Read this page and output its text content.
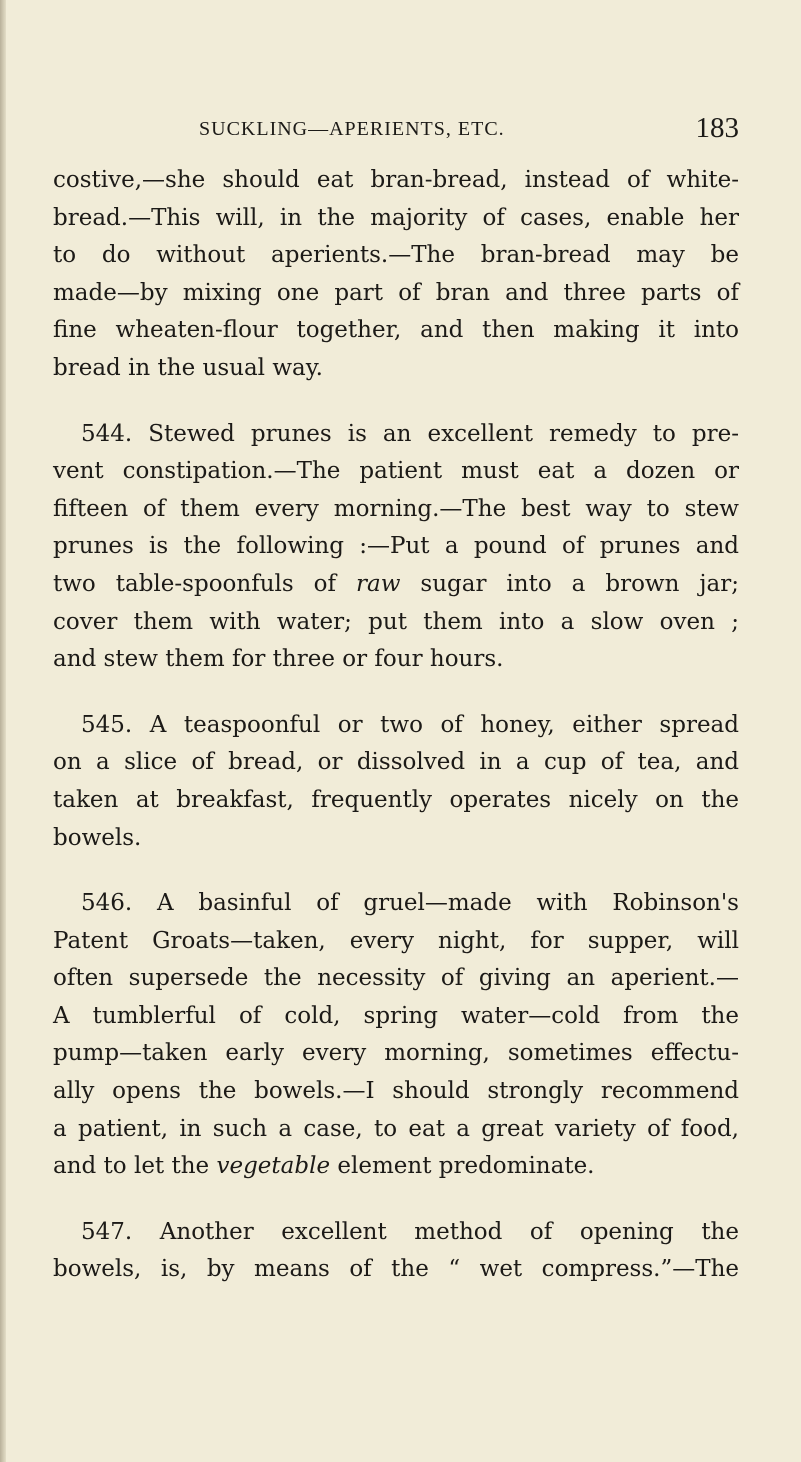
SUCKLING—APERIENTS, ETC.	183
costive,—she should eat bran-bread, instead of white-
bread.—This will, in the majority of cases, enable her
to do without aperients.—The bran-bread may be
made—by mixing one part of bran and three parts of
fine wheaten-flour together, and then making it into
bread in the usual way.
544. Stewed prunes is an excellent remedy to pre-
vent constipation.—The patient must eat a dozen or
fifteen of them every morning.—The best way to stew
prunes is the following :—Put a pound of prunes and
two table-spoonfuls of raw sugar into a brown jar;
cover them with water; put them into a slow oven ;
and stew them for three or four hours.
545. A teaspoonful or two of honey, either spread
on a slice of bread, or dissolved in a cup of tea, and
taken at breakfast, frequently operates nicely on the
bowels.
546. A basinful of gruel—made with Robinson's
Patent Groats—taken, every night, for supper, will
often supersede the necessity of giving an aperient.—
A tumblerful of cold, spring water—cold from the
pump—taken early every morning, sometimes effectu-
ally opens the bowels.—I should strongly recommend
a patient, in such a case, to eat a great variety of food,
and to let the vegetable element predominate.
547. Another excellent method of opening the
bowels, is, by means of the “ wet compress.”—The
